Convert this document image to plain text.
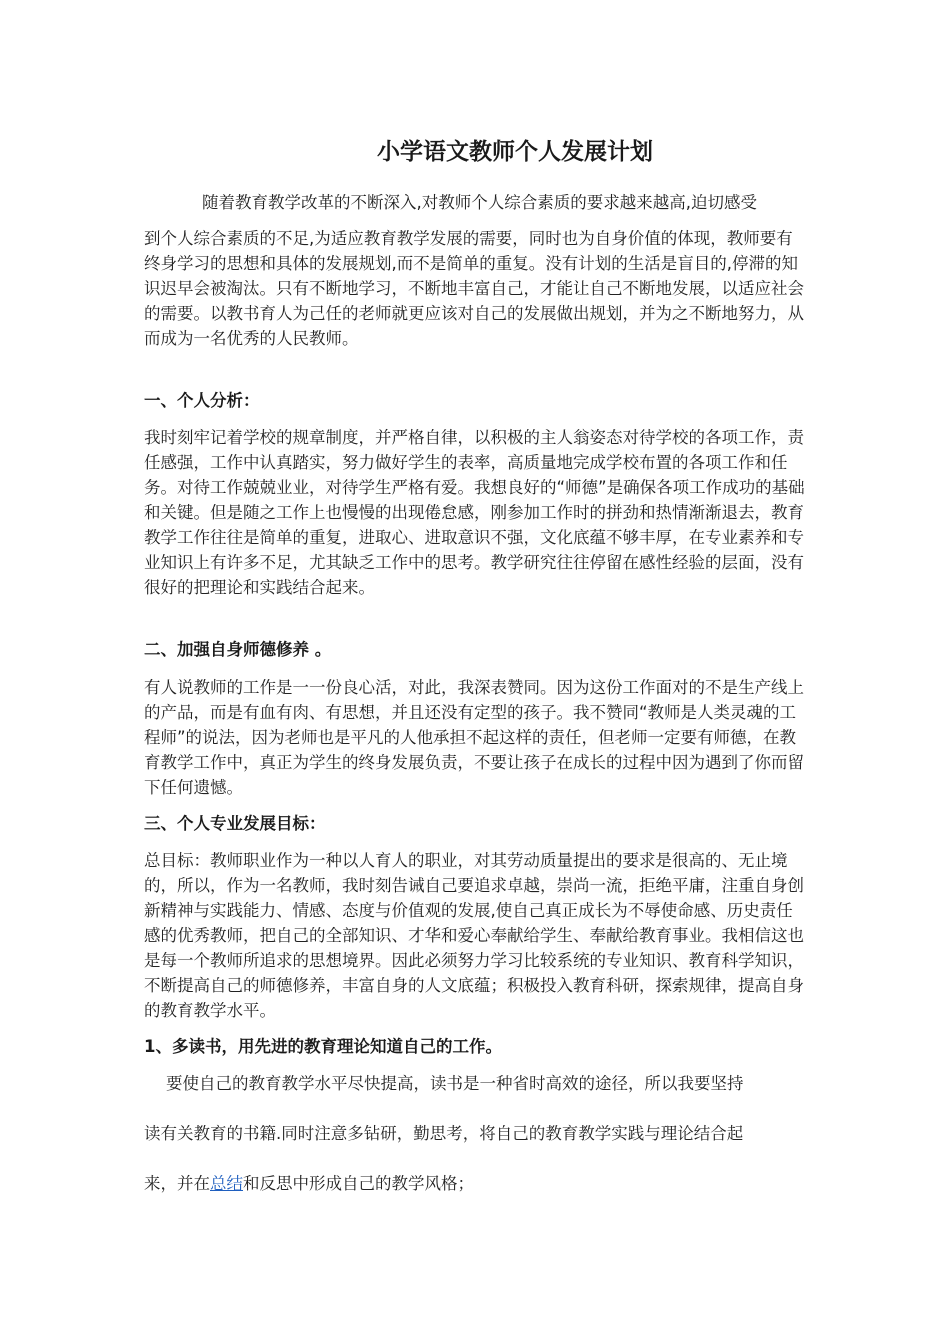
小学语文教师个人发展计划

随着教育教学改革的不断深入,对教师个人综合素质的要求越来越高,迫切感受

到个人综合素质的不足,为适应教育教学发展的需要，同时也为自身价值的体现，教师要有终身学习的思想和具体的发展规划,而不是简单的重复。没有计划的生活是盲目的,停滞的知识迟早会被淘汰。只有不断地学习，不断地丰富自己，才能让自己不断地发展，以适应社会的需要。以教书育人为己任的老师就更应该对自己的发展做出规划，并为之不断地努力，从而成为一名优秀的人民教师。

一、个人分析：

我时刻牢记着学校的规章制度，并严格自律，以积极的主人翁姿态对待学校的各项工作，责任感强，工作中认真踏实，努力做好学生的表率，高质量地完成学校布置的各项工作和任务。对待工作兢兢业业，对待学生严格有爱。我想良好的“师德”是确保各项工作成功的基础和关键。但是随之工作上也慢慢的出现倦怠感，刚参加工作时的拼劲和热情渐渐退去，教育教学工作往往是简单的重复，进取心、进取意识不强，文化底蕴不够丰厚，在专业素养和专业知识上有许多不足，尤其缺乏工作中的思考。教学研究往往停留在感性经验的层面，没有很好的把理论和实践结合起来。

二、加强自身师德修养 。

有人说教师的工作是一一份良心活，对此，我深表赞同。因为这份工作面对的不是生产线上的产品，而是有血有肉、有思想，并且还没有定型的孩子。我不赞同“教师是人类灵魂的工程师”的说法，因为老师也是平凡的人他承担不起这样的责任，但老师一定要有师德，在教育教学工作中，真正为学生的终身发展负责，不要让孩子在成长的过程中因为遇到了你而留下任何遗憾。

三、个人专业发展目标：

总目标：教师职业作为一种以人育人的职业，对其劳动质量提出的要求是很高的、无止境的，所以，作为一名教师，我时刻告诫自己要追求卓越，崇尚一流，拒绝平庸，注重自身创新精神与实践能力、情感、态度与价值观的发展,使自己真正成长为不辱使命感、历史责任感的优秀教师，把自己的全部知识、才华和爱心奉献给学生、奉献给教育事业。我相信这也是每一个教师所追求的思想境界。因此必须努力学习比较系统的专业知识、教育科学知识，不断提高自己的师德修养，丰富自身的人文底蕴；积极投入教育科研，探索规律，提高自身的教育教学水平。

1、多读书，用先进的教育理论知道自己的工作。

要使自己的教育教学水平尽快提高，读书是一种省时高效的途径，所以我要坚持

读有关教育的书籍.同时注意多钻研，勤思考，将自己的教育教学实践与理论结合起

来，并在总结和反思中形成自己的教学风格；
